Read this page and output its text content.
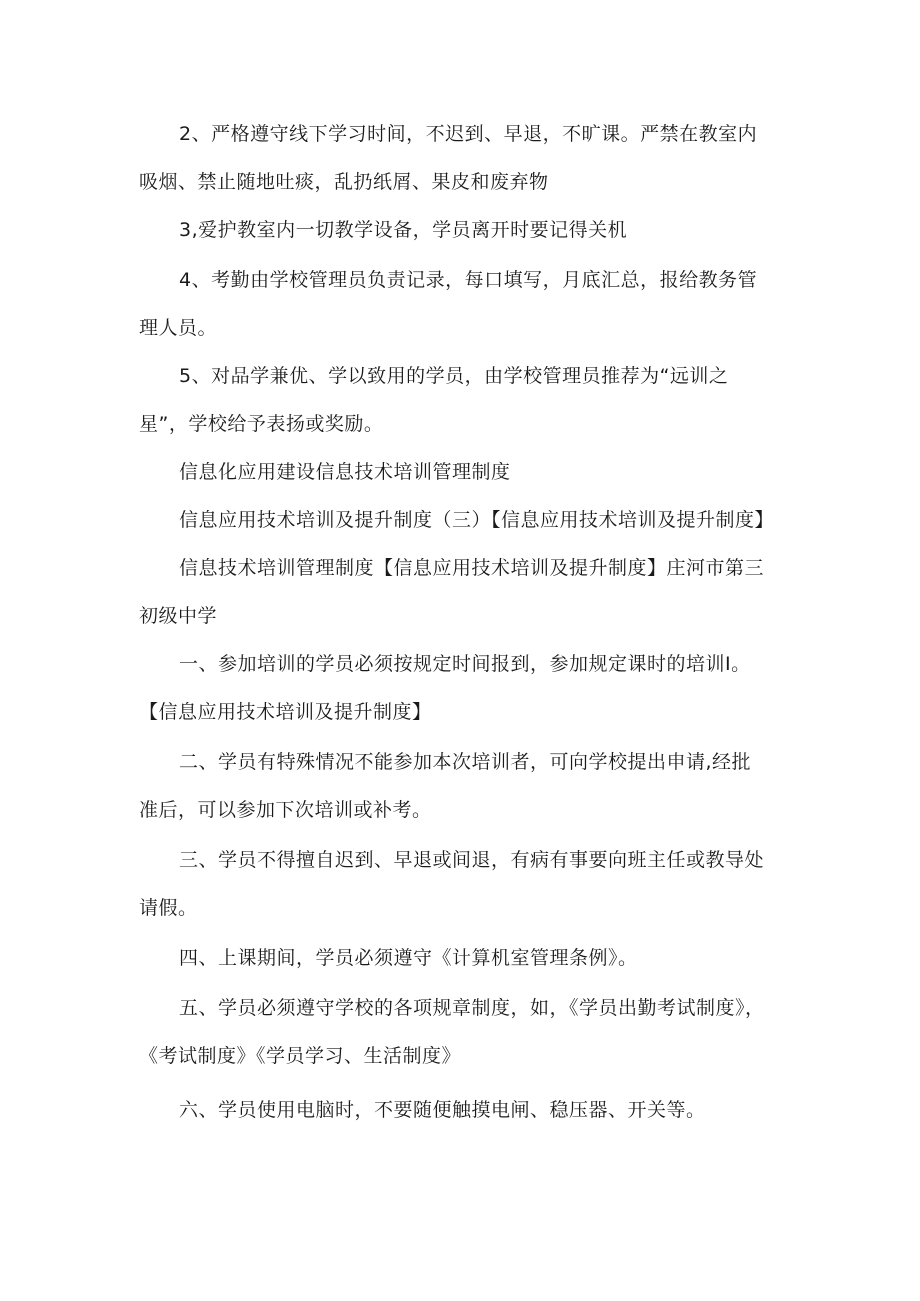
2、严格遵守线下学习时间，不迟到、早退，不旷课。严禁在教室内
吸烟、禁止随地吐痰，乱扔纸屑、果皮和废弃物
3,爱护教室内一切教学设备，学员离开时要记得关机
4、考勤由学校管理员负责记录，每口填写，月底汇总，报给教务管
理人员。
5、对品学兼优、学以致用的学员，由学校管理员推荐为“远训之
星”，学校给予表扬或奖励。
信息化应用建设信息技术培训管理制度
信息应用技术培训及提升制度（三）【信息应用技术培训及提升制度】
信息技术培训管理制度【信息应用技术培训及提升制度】庄河市第三
初级中学
一、参加培训的学员必须按规定时间报到，参加规定课时的培训I。
【信息应用技术培训及提升制度】
二、学员有特殊情况不能参加本次培训者，可向学校提出申请,经批
准后，可以参加下次培训或补考。
三、学员不得擅自迟到、早退或间退，有病有事要向班主任或教导处
请假。
四、上课期间，学员必须遵守《计算机室管理条例》。
五、学员必须遵守学校的各项规章制度，如，《学员出勤考试制度》，
《考试制度》《学员学习、生活制度》
六、学员使用电脑时，不要随便触摸电闸、稳压器、开关等。
